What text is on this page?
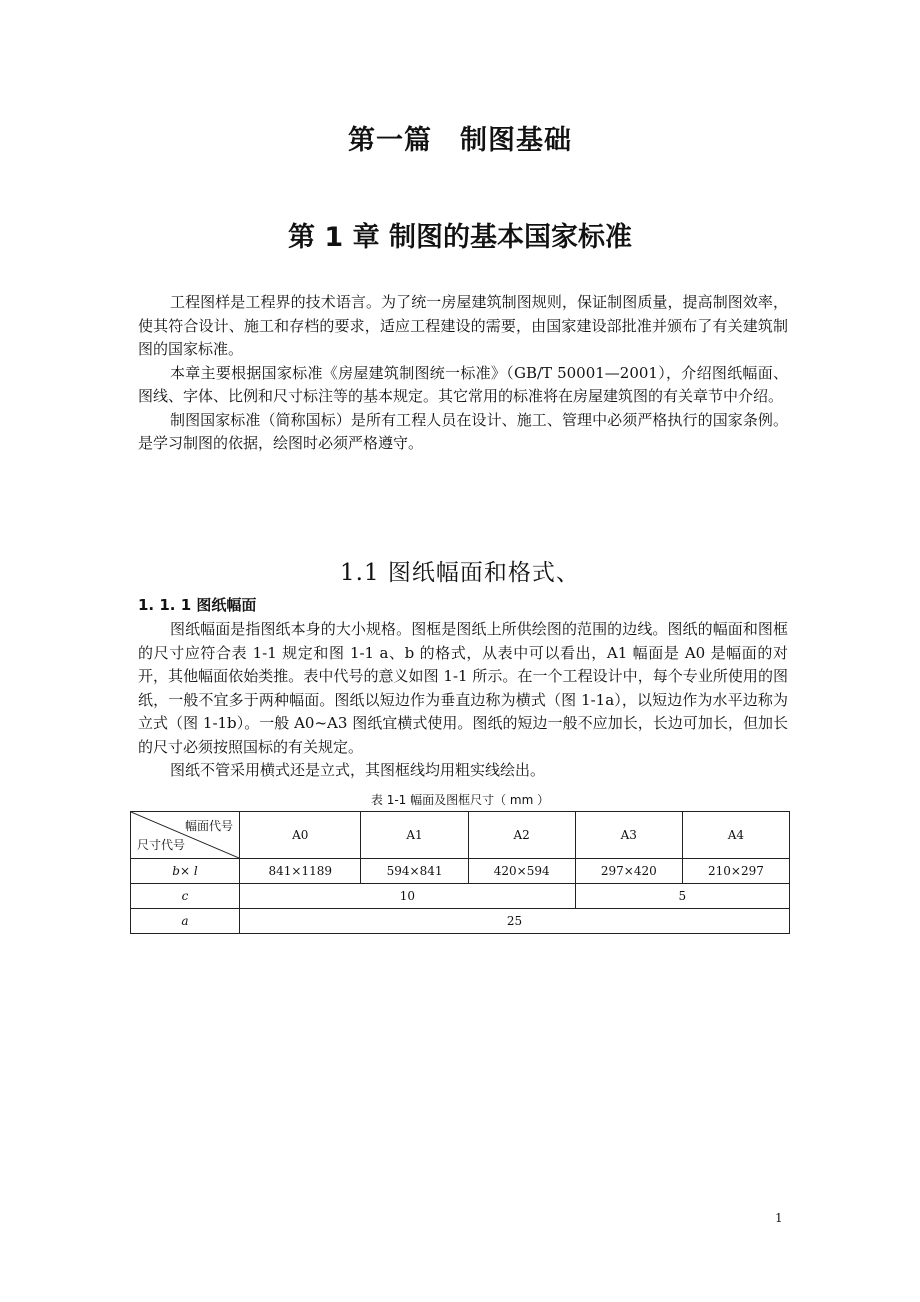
第一篇　制图基础
第 1 章 制图的基本国家标准

工程图样是工程界的技术语言。为了统一房屋建筑制图规则，保证制图质量，提高制图效率，使其符合设计、施工和存档的要求，适应工程建设的需要，由国家建设部批准并颁布了有关建筑制图的国家标准。

本章主要根据国家标准《房屋建筑制图统一标准》（GB/T 50001—2001），介绍图纸幅面、图线、字体、比例和尺寸标注等的基本规定。其它常用的标准将在房屋建筑图的有关章节中介绍。

制图国家标准（简称国标）是所有工程人员在设计、施工、管理中必须严格执行的国家条例。是学习制图的依据，绘图时必须严格遵守。

1.1 图纸幅面和格式、
1. 1. 1 图纸幅面

图纸幅面是指图纸本身的大小规格。图框是图纸上所供绘图的范围的边线。图纸的幅面和图框的尺寸应符合表 1-1 规定和图 1-1 a、b 的格式，从表中可以看出，A1 幅面是 A0 是幅面的对开，其他幅面依始类推。表中代号的意义如图 1-1 所示。在一个工程设计中，每个专业所使用的图纸，一般不宜多于两种幅面。图纸以短边作为垂直边称为横式（图 1-1a），以短边作为水平边称为立式（图 1-1b）。一般 A0~A3 图纸宜横式使用。图纸的短边一般不应加长，长边可加长，但加长的尺寸必须按照国标的有关规定。

图纸不管采用横式还是立式，其图框线均用粗实线绘出。

表 1-1 幅面及图框尺寸（ mm ）
幅面代号
尺寸代号	A0	A1	A2	A3	A4
b× l	841×1189	594×841	420×594	297×420	210×297
c	10			5	
a	25				
1
